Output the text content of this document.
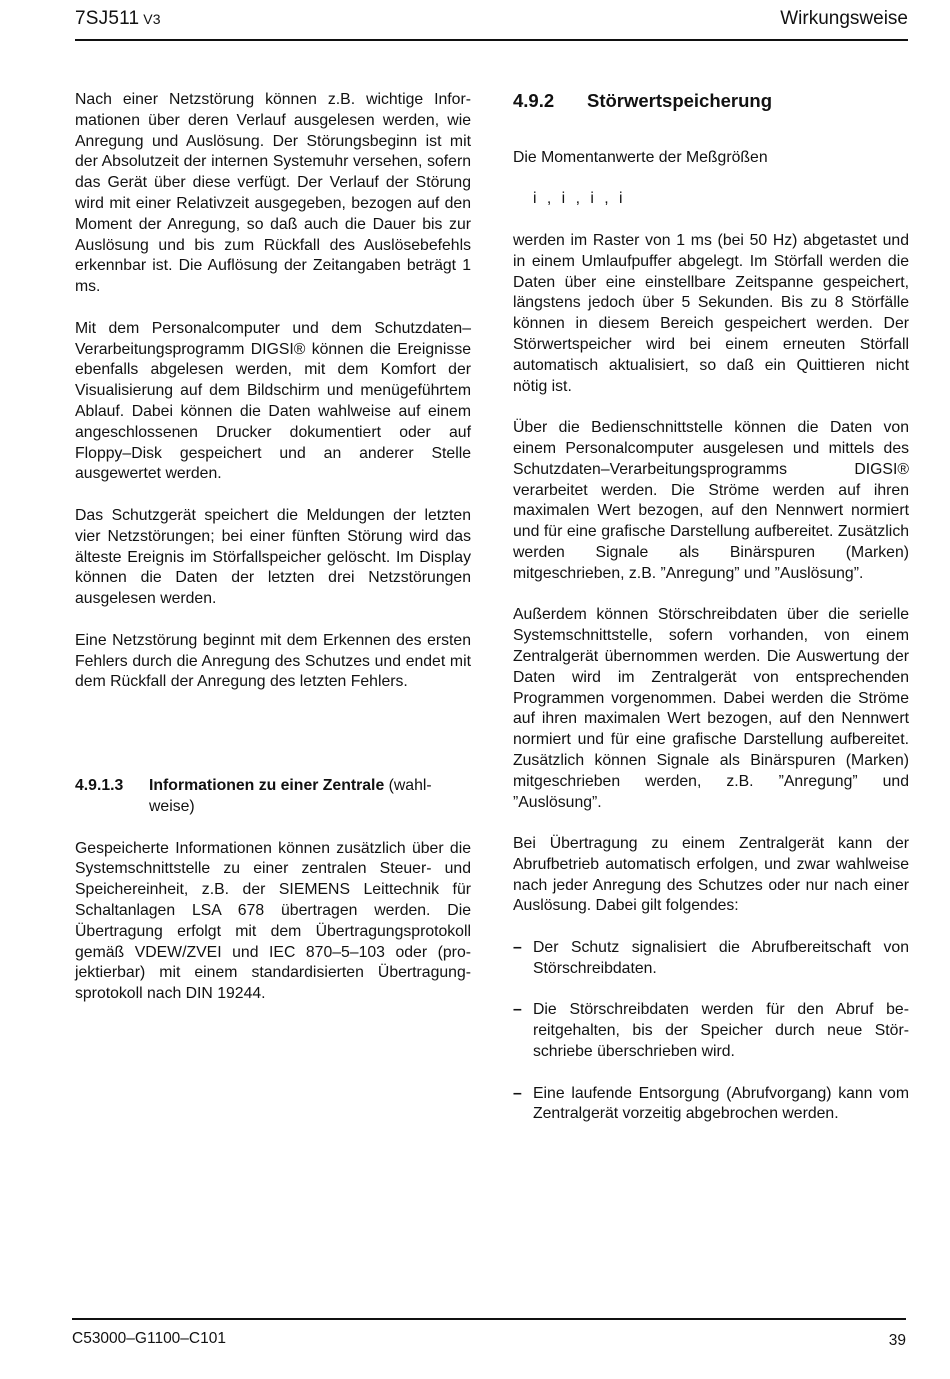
7SJ511 V3	Wirkungsweise

Nach einer Netzstörung können z.B. wichtige Informationen über deren Verlauf ausgelesen werden, wie Anregung und Auslösung. Der Störungsbeginn ist mit der Absolutzeit der internen Systemuhr versehen, sofern das Gerät über diese verfügt. Der Verlauf der Störung wird mit einer Relativzeit ausgegeben, bezogen auf den Moment der Anregung, so daß auch die Dauer bis zur Auslösung und bis zum Rückfall des Auslösebefehls erkennbar ist. Die Auflösung der Zeitangaben beträgt 1 ms.

Mit dem Personalcomputer und dem Schutzdaten– Verarbeitungsprogramm DIGSI® können die Ereignisse ebenfalls abgelesen werden, mit dem Komfort der Visualisierung auf dem Bildschirm und menügeführtem Ablauf. Dabei können die Daten wahlweise auf einem angeschlossenen Drucker dokumentiert oder auf Floppy–Disk gespeichert und an anderer Stelle ausgewertet werden.

Das Schutzgerät speichert die Meldungen der letzten vier Netzstörungen; bei einer fünften Störung wird das älteste Ereignis im Störfallspeicher gelöscht. Im Display können die Daten der letzten drei Netzstörungen ausgelesen werden.

Eine Netzstörung beginnt mit dem Erkennen des ersten Fehlers durch die Anregung des Schutzes und endet mit dem Rückfall der Anregung des letzten Fehlers.

4.9.1.3	Informationen zu einer Zentrale (wahlweise)

Gespeicherte Informationen können zusätzlich über die Systemschnittstelle zu einer zentralen Steuer- und Speichereinheit, z.B. der SIEMENS Leittechnik für Schaltanlagen LSA 678 übertragen werden. Die Übertragung erfolgt mit dem Übertragungsprotokoll gemäß VDEW/ZVEI und IEC 870–5–103 oder (projektierbar) mit einem standardisierten Übertragungsprotokoll nach DIN 19244.

4.9.2	Störwertspeicherung

Die Momentanwerte der Meßgrößen

i , i , i , i

werden im Raster von 1 ms (bei 50 Hz) abgetastet und in einem Umlaufpuffer abgelegt. Im Störfall werden die Daten über eine einstellbare Zeitspanne gespeichert, längstens jedoch über 5 Sekunden. Bis zu 8 Störfälle können in diesem Bereich gespeichert werden. Der Störwertspeicher wird bei einem erneuten Störfall automatisch aktualisiert, so daß ein Quittieren nicht nötig ist.

Über die Bedienschnittstelle können die Daten von einem Personalcomputer ausgelesen und mittels des Schutzdaten–Verarbeitungsprogramms DIGSI® verarbeitet werden. Die Ströme werden auf ihren maximalen Wert bezogen, auf den Nennwert normiert und für eine grafische Darstellung aufbereitet. Zusätzlich werden Signale als Binärspuren (Marken) mitgeschrieben, z.B. ”Anregung” und ”Auslösung”.

Außerdem können Störschreibdaten über die serielle Systemschnittstelle, sofern vorhanden, von einem Zentralgerät übernommen werden. Die Auswertung der Daten wird im Zentralgerät von entsprechenden Programmen vorgenommen. Dabei werden die Ströme auf ihren maximalen Wert bezogen, auf den Nennwert normiert und für eine grafische Darstellung aufbereitet. Zusätzlich können Signale als Binärspuren (Marken) mitgeschrieben werden, z.B. ”Anregung” und ”Auslösung”.

Bei Übertragung zu einem Zentralgerät kann der Abrufbetrieb automatisch erfolgen, und zwar wahlweise nach jeder Anregung des Schutzes oder nur nach einer Auslösung. Dabei gilt folgendes:

– Der Schutz signalisiert die Abrufbereitschaft von Störschreibdaten.

– Die Störschreibdaten werden für den Abruf bereitgehalten, bis der Speicher durch neue Störschriebe überschrieben wird.

– Eine laufende Entsorgung (Abrufvorgang) kann vom Zentralgerät vorzeitig abgebrochen werden.

C53000–G1100–C101	39
